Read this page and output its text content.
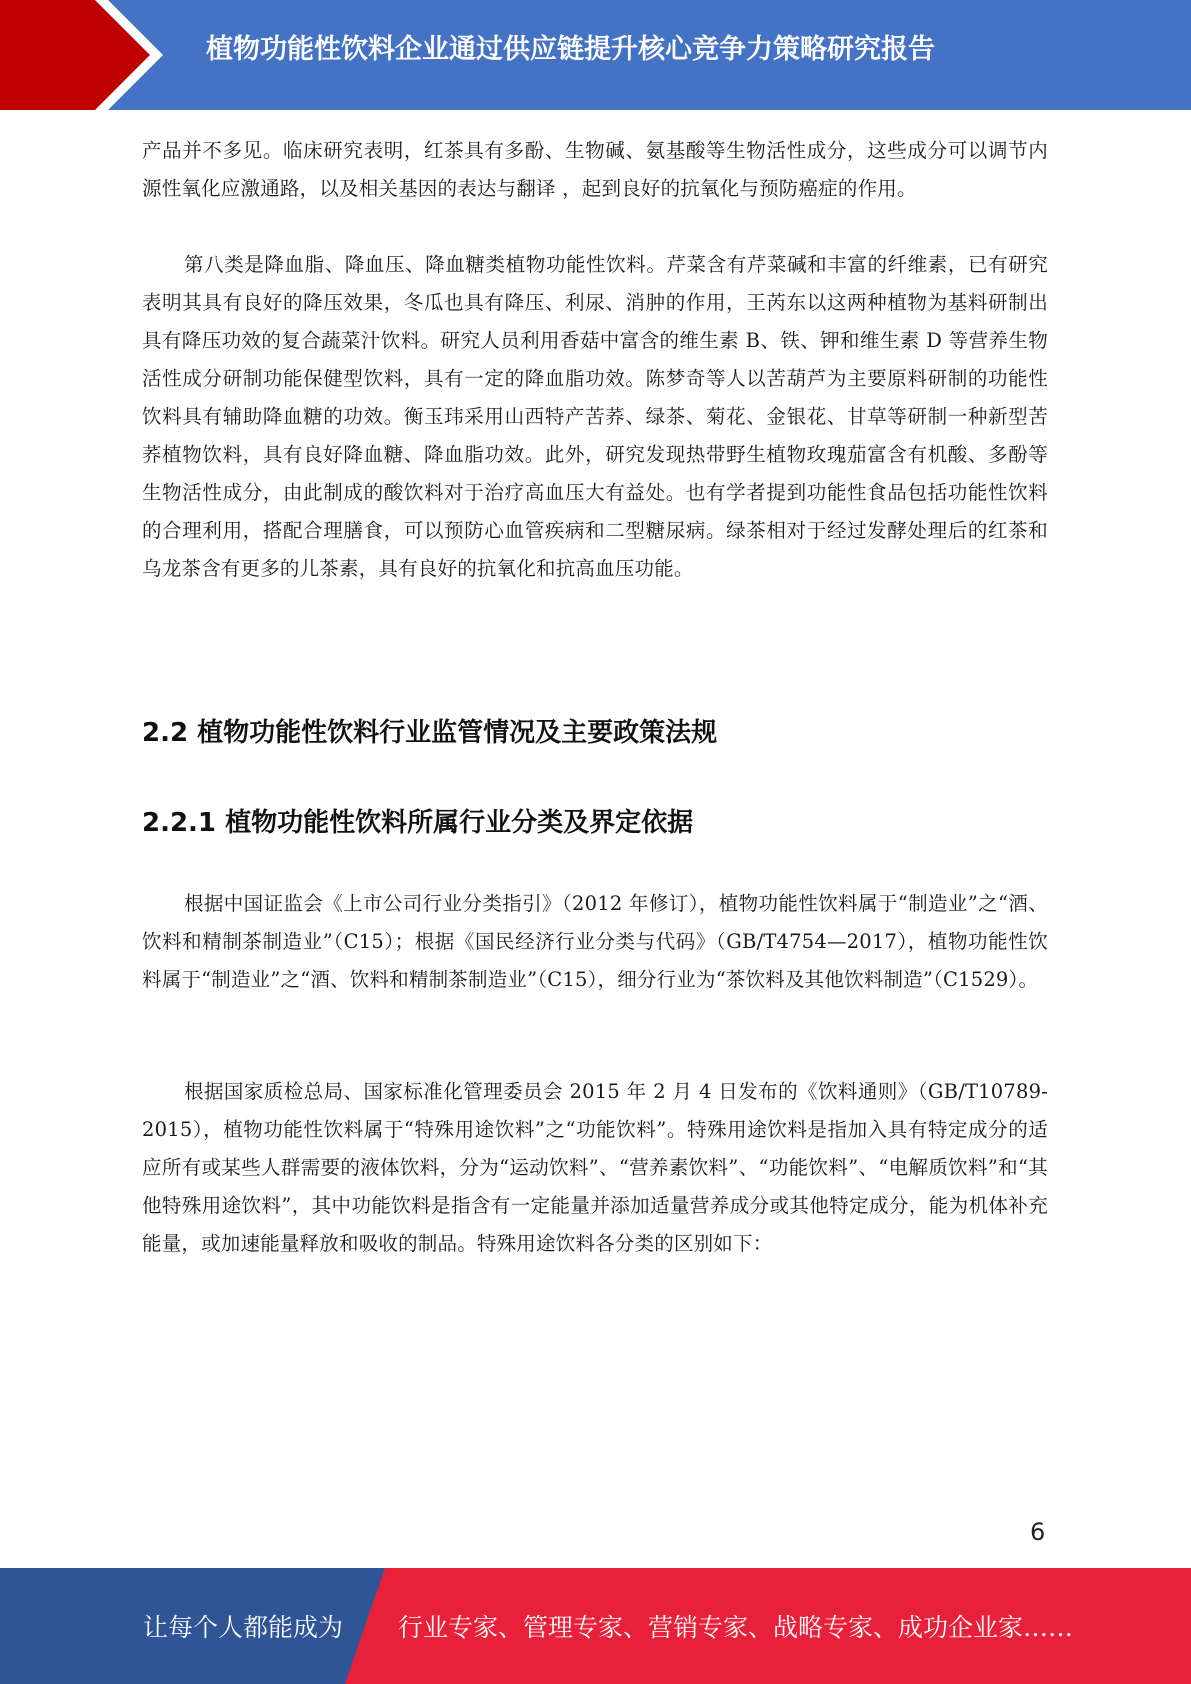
植物功能性饮料企业通过供应链提升核心竞争力策略研究报告

产品并不多见。临床研究表明，红茶具有多酚、生物碱、氨基酸等生物活性成分，这些成分可以调节内源性氧化应激通路，以及相关基因的表达与翻译 ，起到良好的抗氧化与预防癌症的作用。

第八类是降血脂、降血压、降血糖类植物功能性饮料。芹菜含有芹菜碱和丰富的纤维素，已有研究表明其具有良好的降压效果，冬瓜也具有降压、利尿、消肿的作用，王芮东以这两种植物为基料研制出具有降压功效的复合蔬菜汁饮料。研究人员利用香菇中富含的维生素 B、铁、钾和维生素 D 等营养生物活性成分研制功能保健型饮料，具有一定的降血脂功效。陈梦奇等人以苦葫芦为主要原料研制的功能性饮料具有辅助降血糖的功效。衡玉玮采用山西特产苦荞、绿茶、菊花、金银花、甘草等研制一种新型苦荞植物饮料，具有良好降血糖、降血脂功效。此外，研究发现热带野生植物玫瑰茄富含有机酸、多酚等生物活性成分，由此制成的酸饮料对于治疗高血压大有益处。也有学者提到功能性食品包括功能性饮料的合理利用，搭配合理膳食，可以预防心血管疾病和二型糖尿病。绿茶相对于经过发酵处理后的红茶和乌龙茶含有更多的儿茶素，具有良好的抗氧化和抗高血压功能。

2.2 植物功能性饮料行业监管情况及主要政策法规
2.2.1 植物功能性饮料所属行业分类及界定依据

根据中国证监会《上市公司行业分类指引》（2012 年修订），植物功能性饮料属于“制造业”之“酒、饮料和精制茶制造业”（C15）；根据《国民经济行业分类与代码》（GB/T4754—2017），植物功能性饮料属于“制造业”之“酒、饮料和精制茶制造业”（C15），细分行业为“茶饮料及其他饮料制造”（C1529）。

根据国家质检总局、国家标准化管理委员会 2015 年 2 月 4 日发布的《饮料通则》（GB/T10789-2015），植物功能性饮料属于“特殊用途饮料”之“功能饮料”。特殊用途饮料是指加入具有特定成分的适应所有或某些人群需要的液体饮料，分为“运动饮料”、“营养素饮料”、“功能饮料”、“电解质饮料”和“其他特殊用途饮料”，其中功能饮料是指含有一定能量并添加适量营养成分或其他特定成分，能为机体补充能量，或加速能量释放和吸收的制品。特殊用途饮料各分类的区别如下：

6
让每个人都能成为 行业专家、管理专家、营销专家、战略专家、成功企业家……
